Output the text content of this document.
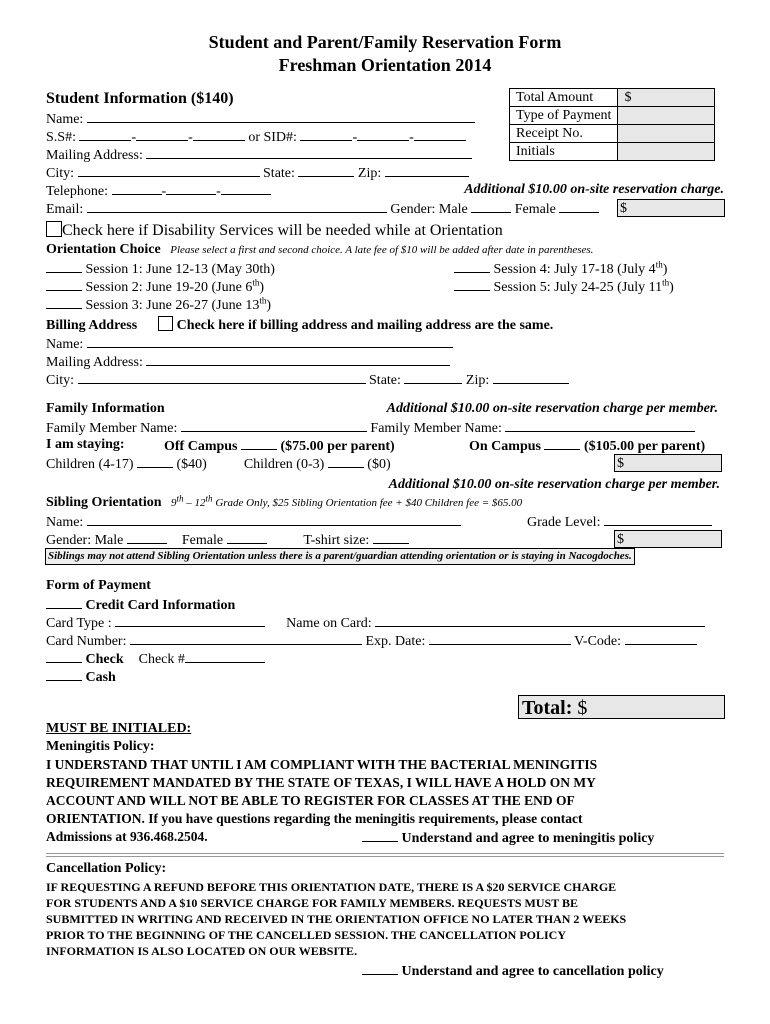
Student and Parent/Family Reservation Form
Freshman Orientation 2014
Total Amount	$
Type of Payment	
Receipt No.	
Initials	
Student Information ($140)
Name:
S.S#:	-	-	or SID#:	-	-
Mailing Address:
City:	State:	Zip:
Telephone:	-	-	Additional $10.00 on-site reservation charge.
Email:	Gender: Male	Female	$
Check here if Disability Services will be needed while at Orientation
Orientation Choice Please select a first and second choice. A late fee of $10 will be added after date in parentheses.
Session 1: June 12-13 (May 30th)
Session 2: June 19-20 (June 6th)
Session 3: June 26-27 (June 13th)
Session 4: July 17-18 (July 4th)
Session 5: July 24-25 (July 11th)
Billing Address	Check here if billing address and mailing address are the same.
Name:
Mailing Address:
City:	State:	Zip:
Family Information	Additional $10.00 on-site reservation charge per member.
Family Member Name:	Family Member Name:
I am staying:	Off Campus	($75.00 per parent)	On Campus	($105.00 per parent)
Children (4-17)	($40)	Children (0-3)	($0)	$
Additional $10.00 on-site reservation charge per member.
Sibling Orientation 9th – 12th Grade Only, $25 Sibling Orientation fee + $40 Children fee = $65.00
Name:	Grade Level:
Gender: Male	Female	T-shirt size:	$
Siblings may not attend Sibling Orientation unless there is a parent/guardian attending orientation or is staying in Nacogdoches.
Form of Payment
Credit Card Information
Card Type :	Name on Card:
Card Number:	Exp. Date:	V-Code:
Check Check #
Cash
Total: $
MUST BE INITIALED:
Meningitis Policy:
I UNDERSTAND THAT UNTIL I AM COMPLIANT WITH THE BACTERIAL MENINGITIS
REQUIREMENT MANDATED BY THE STATE OF TEXAS, I WILL HAVE A HOLD ON MY
ACCOUNT AND WILL NOT BE ABLE TO REGISTER FOR CLASSES AT THE END OF
ORIENTATION. If you have questions regarding the meningitis requirements, please contact
Admissions at 936.468.2504.	Understand and agree to meningitis policy
Cancellation Policy:
IF REQUESTING A REFUND BEFORE THIS ORIENTATION DATE, THERE IS A $20 SERVICE CHARGE
FOR STUDENTS AND A $10 SERVICE CHARGE FOR FAMILY MEMBERS. REQUESTS MUST BE
SUBMITTED IN WRITING AND RECEIVED IN THE ORIENTATION OFFICE NO LATER THAN 2 WEEKS
PRIOR TO THE BEGINNING OF THE CANCELLED SESSION. THE CANCELLATION POLICY
INFORMATION IS ALSO LOCATED ON OUR WEBSITE.
Understand and agree to cancellation policy
